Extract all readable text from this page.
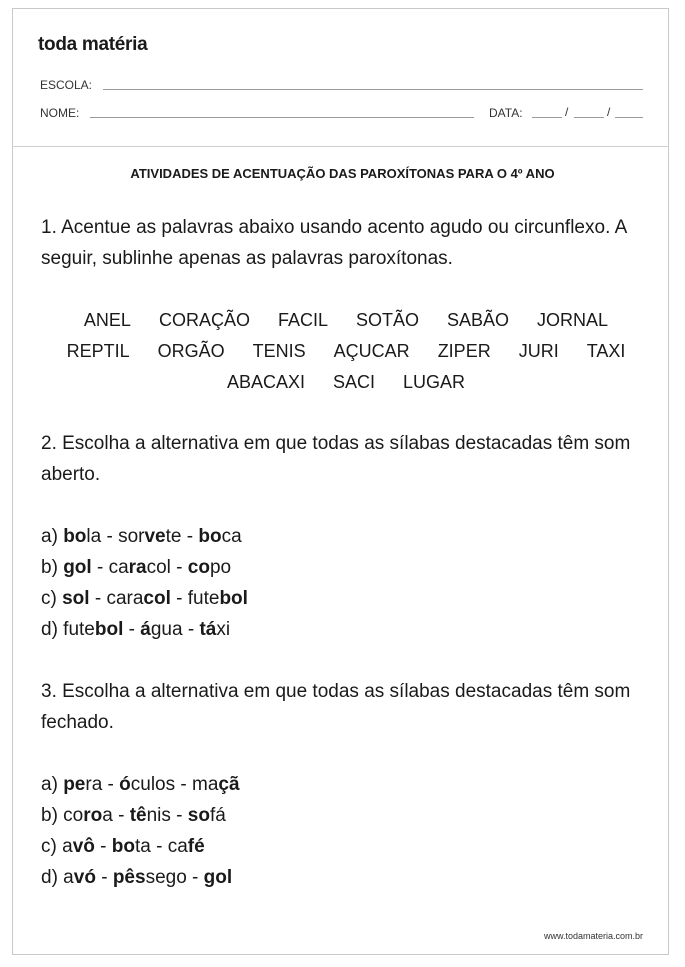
toda matéria
ESCOLA:
NOME:	DATA:	/	/
ATIVIDADES DE ACENTUAÇÃO DAS PAROXÍTONAS PARA O 4º ANO
1. Acentue as palavras abaixo usando acento agudo ou circunflexo. A seguir, sublinhe apenas as palavras paroxítonas.
ANEL CORAÇÃO FACIL SOTÃO SABÃO JORNAL
REPTIL ORGÃO TENIS AÇUCAR ZIPER JURI TAXI
ABACAXI SACI LUGAR
2. Escolha a alternativa em que todas as sílabas destacadas têm som aberto.
a) bola - sorvete - boca
b) gol - caracol - copo
c) sol - caracol - futebol
d) futebol - água - táxi
3. Escolha a alternativa em que todas as sílabas destacadas têm som fechado.
a) pera - óculos - maçã
b) coroa - tênis - sofá
c) avô - bota - café
d) avó - pêssego - gol
www.todamateria.com.br
